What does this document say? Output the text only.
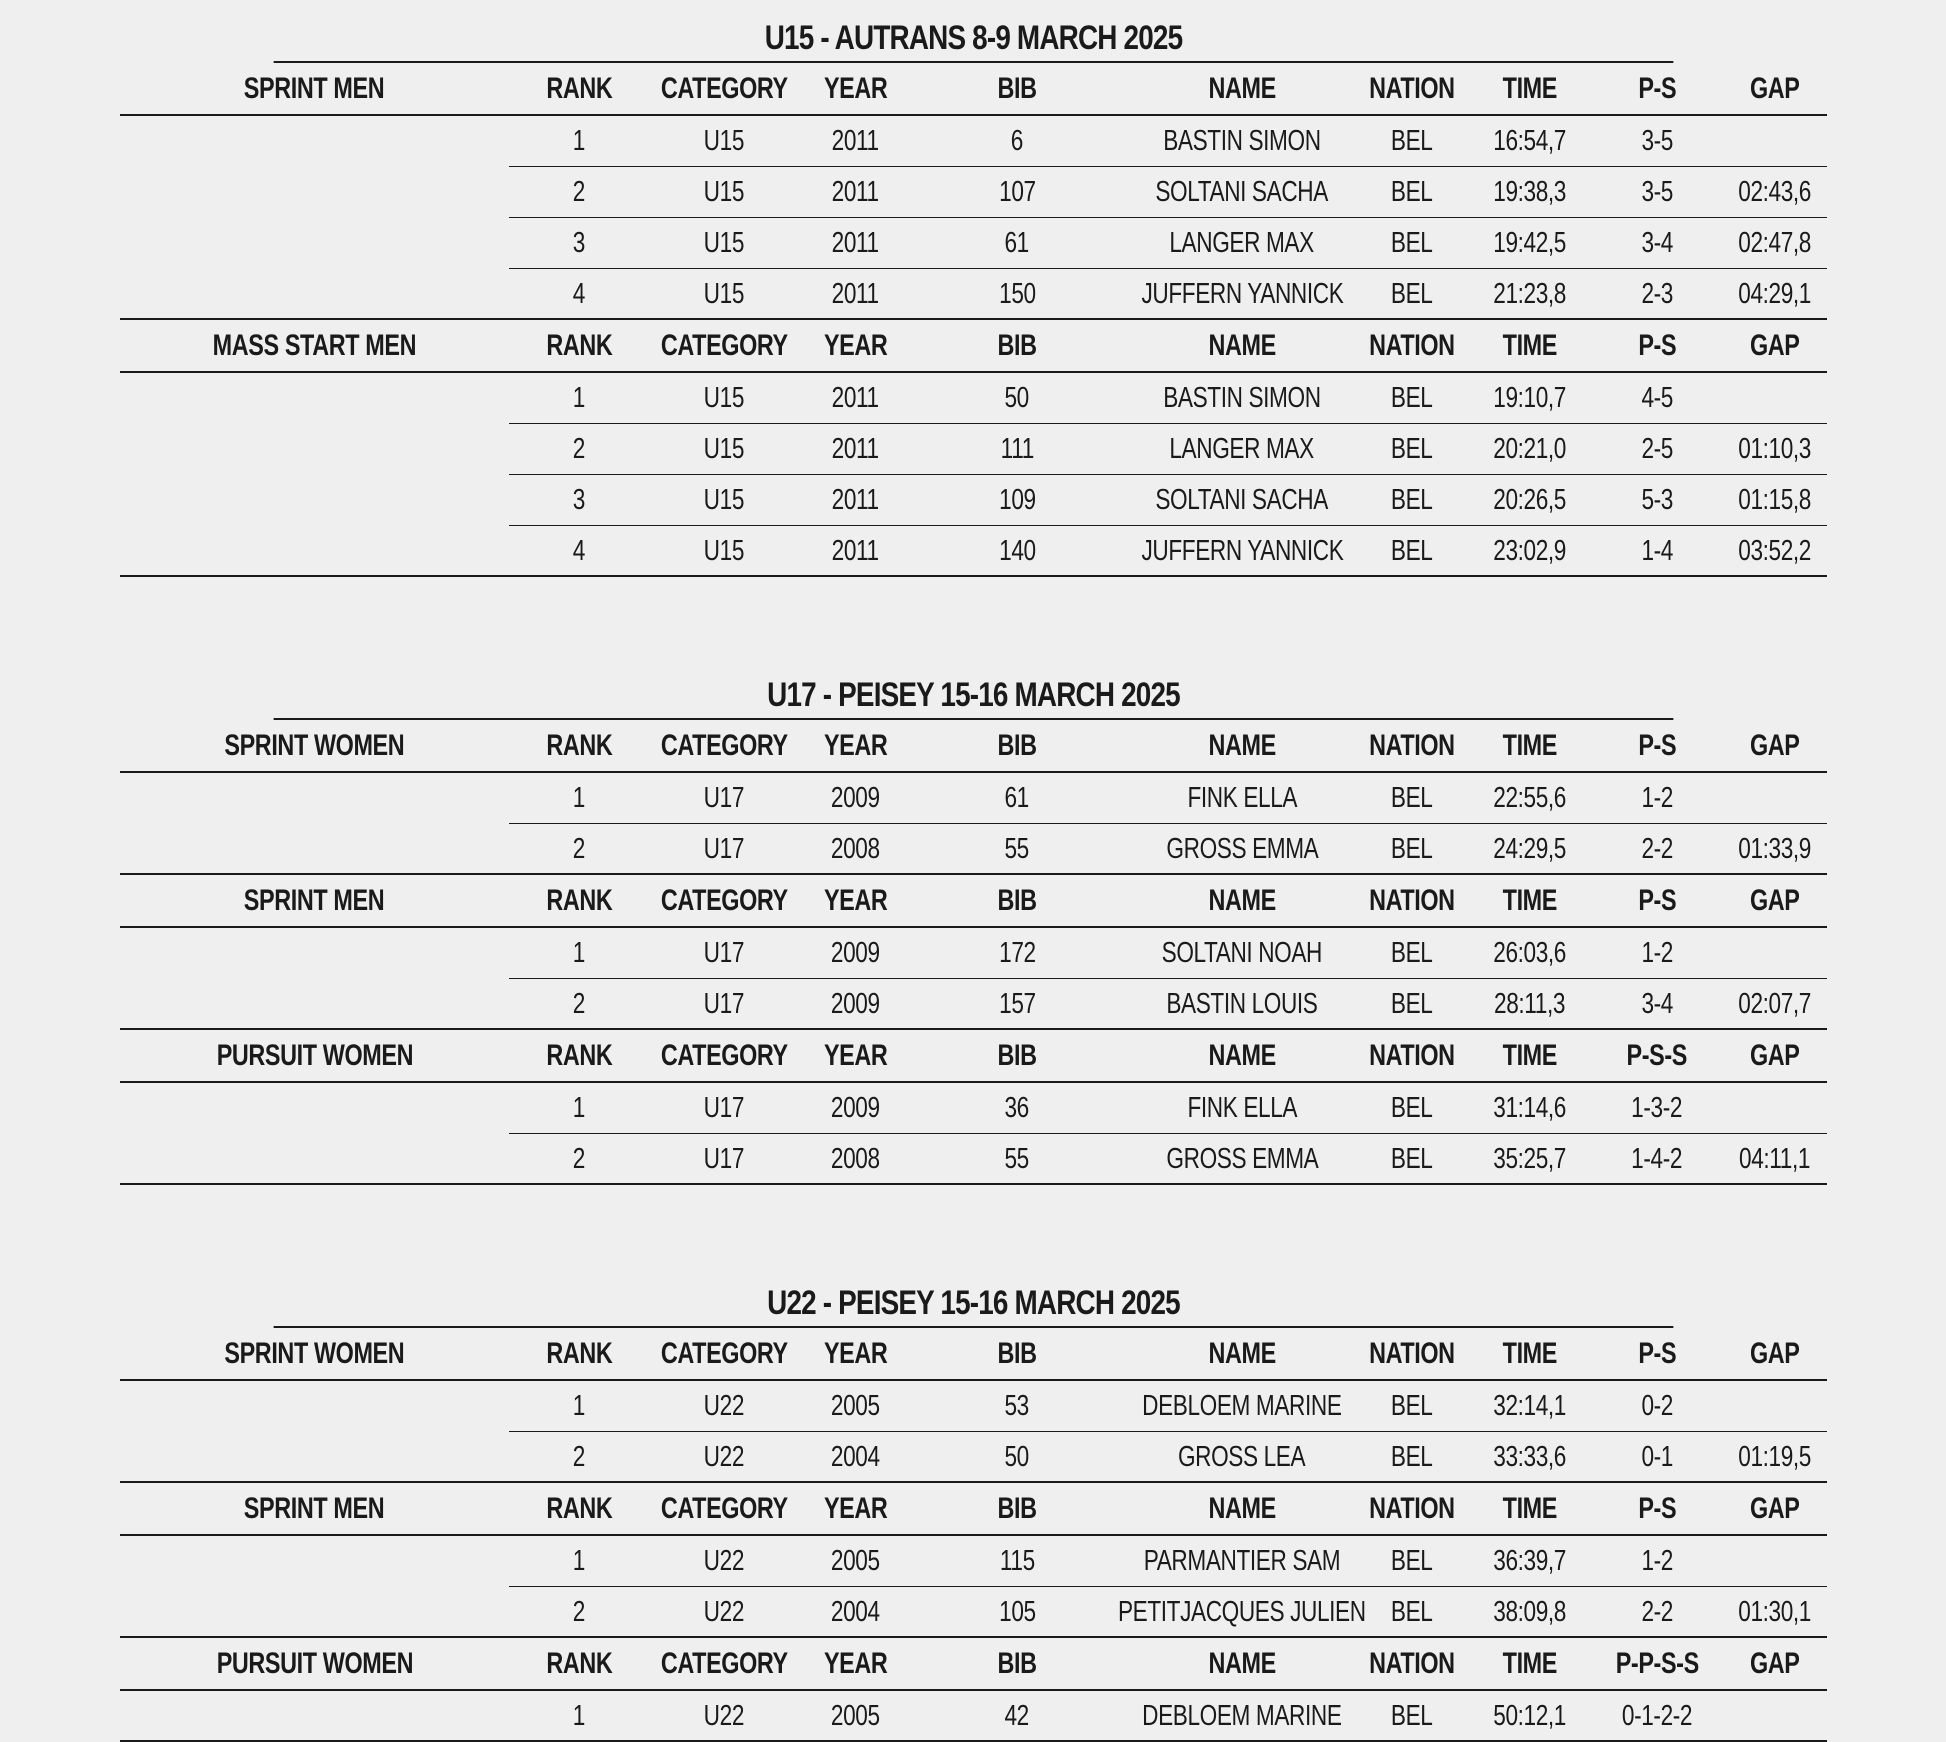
U15 - AUTRANS 8-9 MARCH 2025
SPRINT MEN	RANK CATEGORY YEAR	BIB	NAME	NATION TIME	P-S GAP
1	U15	2011	6	BASTIN SIMON BEL 16:54,7	3-5
2	U15	2011	107	SOLTANI SACHA BEL 19:38,3	3-5 02:43,6
3	U15	2011	61	LANGER MAX	BEL 19:42,5	3-4 02:47,8
4	U15	2011	150	JUFFERN YANNICK BEL 21:23,8	2-3 04:29,1
MASS START MEN	RANK CATEGORY YEAR	BIB	NAME	NATION TIME	P-S GAP
1	U15	2011	50	BASTIN SIMON BEL 19:10,7	4-5
2	U15	2011	111	LANGER MAX	BEL 20:21,0	2-5 01:10,3
3	U15	2011	109	SOLTANI SACHA BEL 20:26,5	5-3 01:15,8
4	U15	2011	140	JUFFERN YANNICK BEL 23:02,9	1-4 03:52,2
U17 - PEISEY 15-16 MARCH 2025
SPRINT WOMEN	RANK CATEGORY YEAR	BIB	NAME	NATION TIME	P-S GAP
1	U17	2009	61	FINK ELLA	BEL 22:55,6	1-2
2	U17	2008	55	GROSS EMMA	BEL 24:29,5	2-2 01:33,9
SPRINT MEN	RANK CATEGORY YEAR	BIB	NAME	NATION TIME	P-S GAP
1	U17	2009	172	SOLTANI NOAH BEL 26:03,6	1-2
2	U17	2009	157	BASTIN LOUIS	BEL 28:11,3	3-4 02:07,7
PURSUIT WOMEN	RANK CATEGORY YEAR	BIB	NAME	NATION TIME P-S-S GAP
1	U17	2009	36	FINK ELLA	BEL 31:14,6 1-3-2
2	U17	2008	55	GROSS EMMA	BEL 35:25,7 1-4-2 04:11,1
U22 - PEISEY 15-16 MARCH 2025
SPRINT WOMEN	RANK CATEGORY YEAR	BIB	NAME	NATION TIME	P-S GAP
1	U22	2005	53	DEBLOEM MARINE BEL 32:14,1	0-2
2	U22	2004	50	GROSS LEA	BEL 33:33,6	0-1 01:19,5
SPRINT MEN	RANK CATEGORY YEAR	BIB	NAME	NATION TIME	P-S GAP
1	U22	2005	115	PARMANTIER SAM BEL 36:39,7	1-2
2	U22	2004	105	PETITJACQUES JULIEN BEL 38:09,8	2-2 01:30,1
PURSUIT WOMEN	RANK CATEGORY YEAR	BIB	NAME	NATION TIME P-P-S-S GAP
1	U22	2005	42	DEBLOEM MARINE BEL 50:12,1 0-1-2-2
